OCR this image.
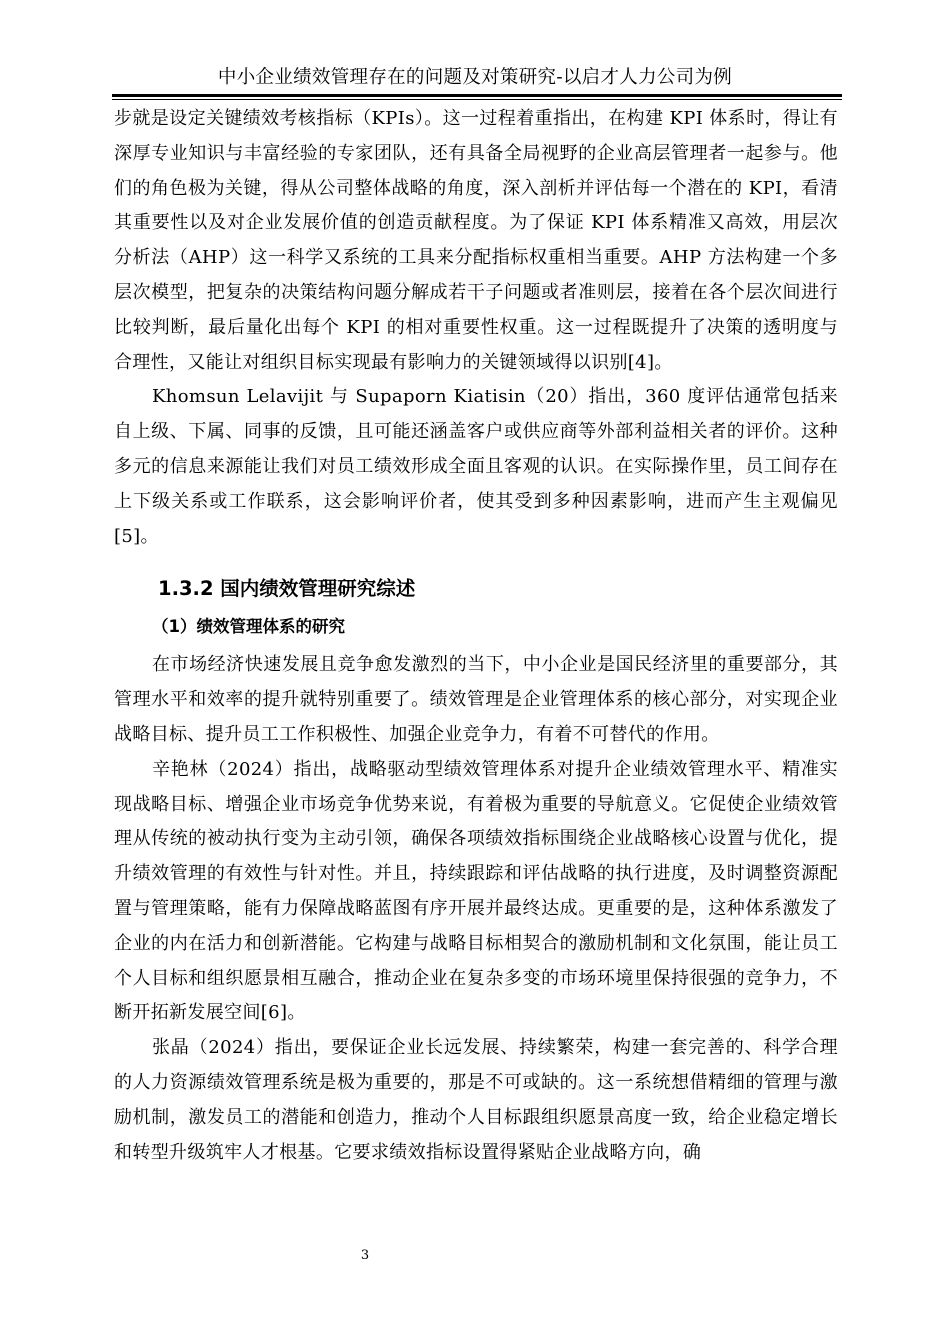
中小企业绩效管理存在的问题及对策研究-以启才人力公司为例

步就是设定关键绩效考核指标（KPIs）。这一过程着重指出，在构建 KPI 体系时，得让有深厚专业知识与丰富经验的专家团队，还有具备全局视野的企业高层管理者一起参与。他们的角色极为关键，得从公司整体战略的角度，深入剖析并评估每一个潜在的 KPI，看清其重要性以及对企业发展价值的创造贡献程度。为了保证 KPI 体系精准又高效，用层次分析法（AHP）这一科学又系统的工具来分配指标权重相当重要。AHP 方法构建一个多层次模型，把复杂的决策结构问题分解成若干子问题或者准则层，接着在各个层次间进行比较判断，最后量化出每个 KPI 的相对重要性权重。这一过程既提升了决策的透明度与合理性，又能让对组织目标实现最有影响力的关键领域得以识别[4]。

Khomsun Lelavijit 与 Supaporn Kiatisin（20）指出，360 度评估通常包括来自上级、下属、同事的反馈，且可能还涵盖客户或供应商等外部利益相关者的评价。这种多元的信息来源能让我们对员工绩效形成全面且客观的认识。在实际操作里，员工间存在上下级关系或工作联系，这会影响评价者，使其受到多种因素影响，进而产生主观偏见[5]。

1.3.2 国内绩效管理研究综述
（1）绩效管理体系的研究

在市场经济快速发展且竞争愈发激烈的当下，中小企业是国民经济里的重要部分，其管理水平和效率的提升就特别重要了。绩效管理是企业管理体系的核心部分，对实现企业战略目标、提升员工工作积极性、加强企业竞争力，有着不可替代的作用。

辛艳林（2024）指出，战略驱动型绩效管理体系对提升企业绩效管理水平、精准实现战略目标、增强企业市场竞争优势来说，有着极为重要的导航意义。它促使企业绩效管理从传统的被动执行变为主动引领，确保各项绩效指标围绕企业战略核心设置与优化，提升绩效管理的有效性与针对性。并且，持续跟踪和评估战略的执行进度，及时调整资源配置与管理策略，能有力保障战略蓝图有序开展并最终达成。更重要的是，这种体系激发了企业的内在活力和创新潜能。它构建与战略目标相契合的激励机制和文化氛围，能让员工个人目标和组织愿景相互融合，推动企业在复杂多变的市场环境里保持很强的竞争力，不断开拓新发展空间[6]。

张晶（2024）指出，要保证企业长远发展、持续繁荣，构建一套完善的、科学合理的人力资源绩效管理系统是极为重要的，那是不可或缺的。这一系统想借精细的管理与激励机制，激发员工的潜能和创造力，推动个人目标跟组织愿景高度一致，给企业稳定增长和转型升级筑牢人才根基。它要求绩效指标设置得紧贴企业战略方向，确

3
